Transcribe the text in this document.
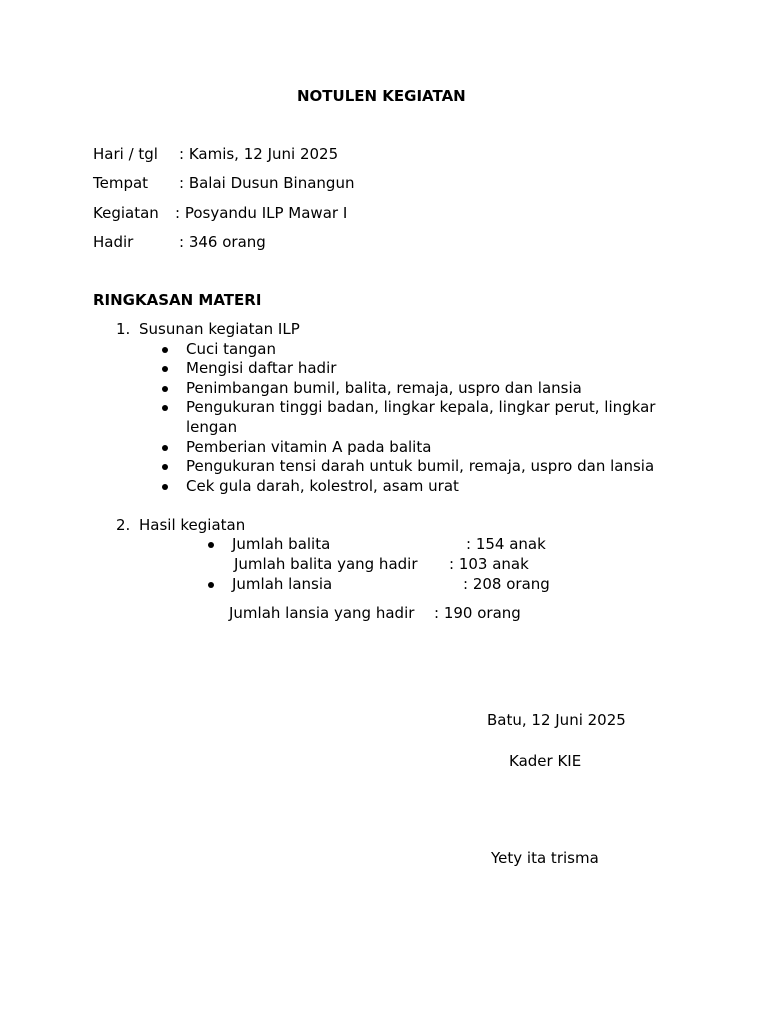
NOTULEN KEGIATAN
Hari / tgl : Kamis, 12 Juni 2025
Tempat : Balai Dusun Binangun
Kegiatan : Posyandu ILP Mawar I
Hadir	: 346 orang
RINGKASAN MATERI
1. Susunan kegiatan ILP
Cuci tangan
Mengisi daftar hadir
Penimbangan bumil, balita, remaja, uspro dan lansia
Pengukuran tinggi badan, lingkar kepala, lingkar perut, lingkar
lengan
Pemberian vitamin A pada balita
Pengukuran tensi darah untuk bumil, remaja, uspro dan lansia
Cek gula darah, kolestrol, asam urat
2. Hasil kegiatan
Jumlah balita	: 154 anak
Jumlah balita yang hadir : 103 anak
Jumlah lansia	: 208 orang
Jumlah lansia yang hadir : 190 orang
Batu, 12 Juni 2025
Kader KIE
Yety ita trisma
